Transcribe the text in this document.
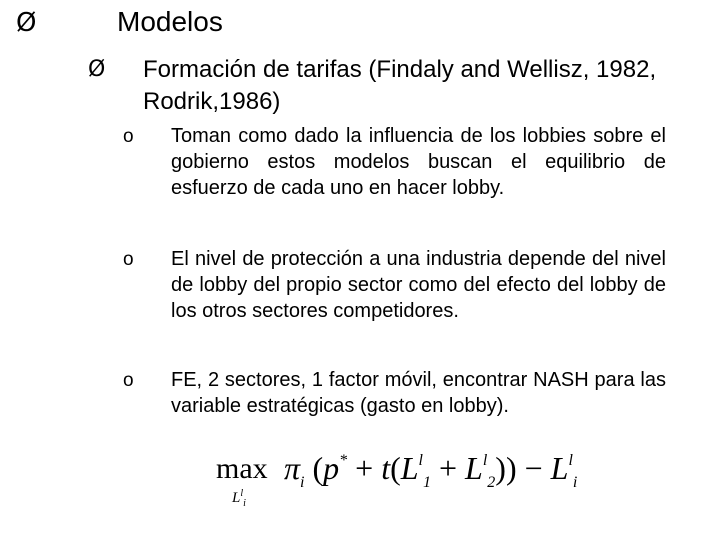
Ø	Modelos
Ø Formación de tarifas (Findaly and Wellisz, 1982, Rodrik,1986)
o Toman como dado la influencia de los lobbies sobre el gobierno estos modelos buscan el equilibrio de esfuerzo de cada uno en hacer lobby.
o El nivel de protección a una industria depende del nivel de lobby del propio sector como del efecto del lobby de los otros sectores competidores.
o FE, 2 sectores, 1 factor móvil, encontrar NASH para las variable estratégicas (gasto en lobby).
max
$L^l_i$
$\pi_i$ $(p^* + t(L^l_1 + L^l_2)) - L^l_i$
